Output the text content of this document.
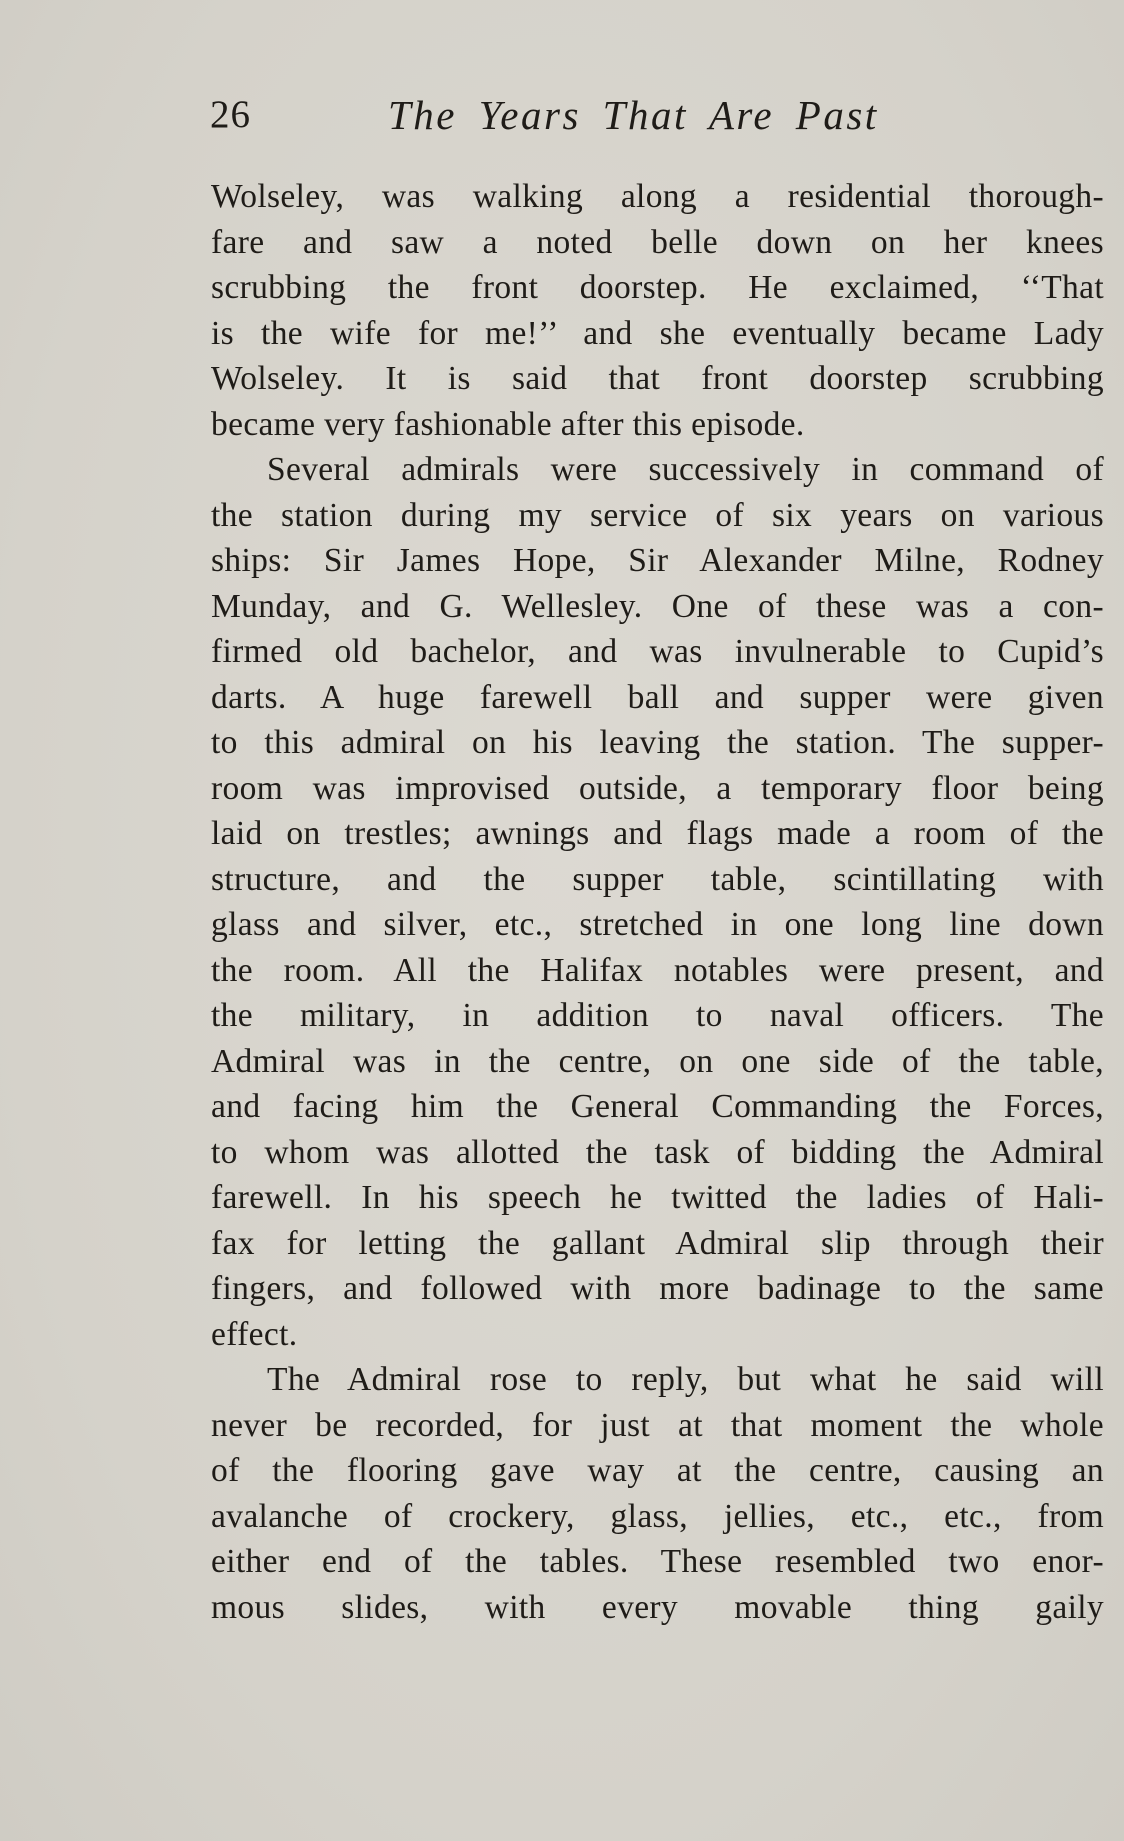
26	The Years That Are Past
Wolseley, was walking along a residential thorough-
fare and saw a noted belle down on her knees
scrubbing the front doorstep. He exclaimed, ‘‘That
is the wife for me!’’ and she eventually became Lady
Wolseley. It is said that front doorstep scrubbing
became very fashionable after this episode.
Several admirals were successively in command of
the station during my service of six years on various
ships: Sir James Hope, Sir Alexander Milne, Rodney
Munday, and G. Wellesley. One of these was a con-
firmed old bachelor, and was invulnerable to Cupid’s
darts. A huge farewell ball and supper were given
to this admiral on his leaving the station. The supper-
room was improvised outside, a temporary floor being
laid on trestles; awnings and flags made a room of the
structure, and the supper table, scintillating with
glass and silver, etc., stretched in one long line down
the room. All the Halifax notables were present, and
the military, in addition to naval officers. The
Admiral was in the centre, on one side of the table,
and facing him the General Commanding the Forces,
to whom was allotted the task of bidding the Admiral
farewell. In his speech he twitted the ladies of Hali-
fax for letting the gallant Admiral slip through their
fingers, and followed with more badinage to the same
effect.
The Admiral rose to reply, but what he said will
never be recorded, for just at that moment the whole
of the flooring gave way at the centre, causing an
avalanche of crockery, glass, jellies, etc., etc., from
either end of the tables. These resembled two enor-
mous slides, with every movable thing gaily
